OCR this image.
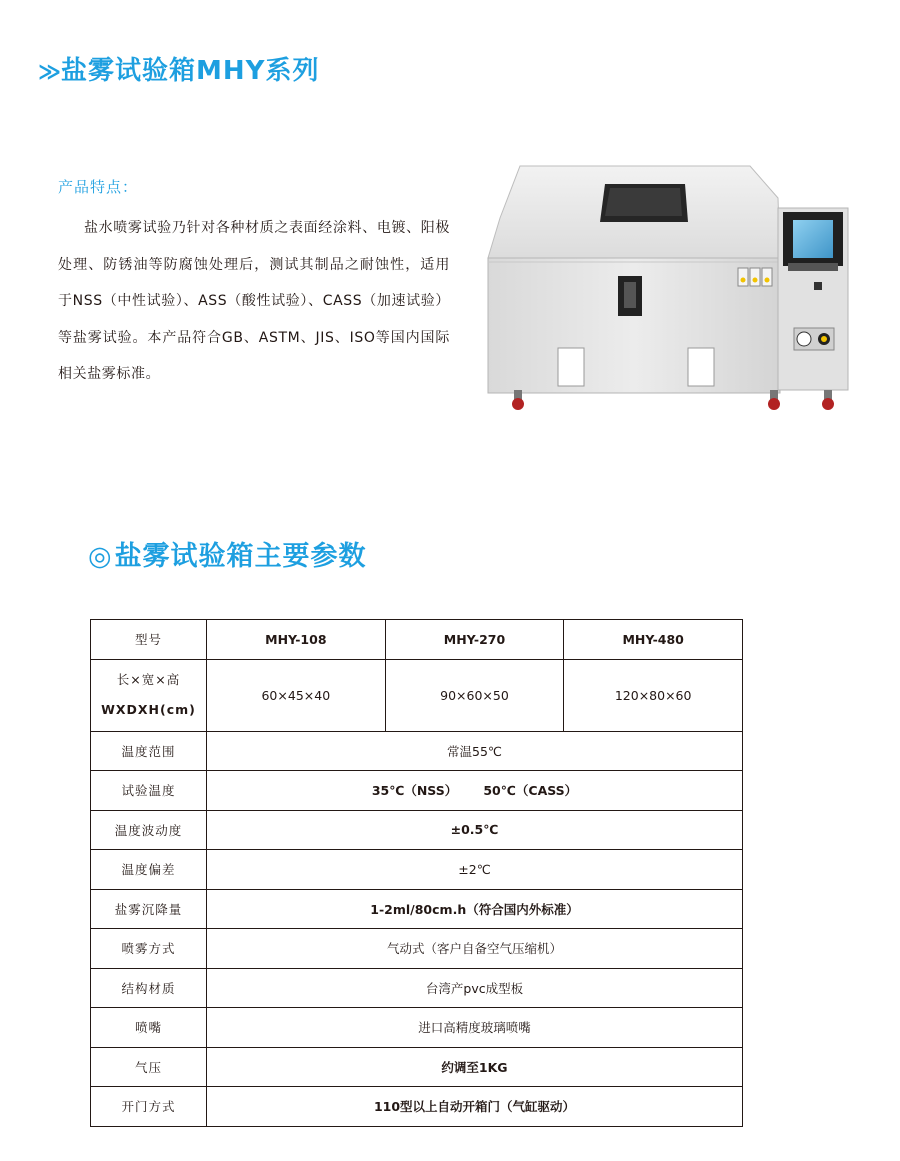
≫ 盐雾试验箱MHY系列
产品特点：
盐水喷雾试验乃针对各种材质之表面经涂料、电镀、阳极处理、防锈油等防腐蚀处理后，测试其制品之耐蚀性，适用于NSS（中性试验）、ASS（酸性试验）、CASS（加速试验）等盐雾试验。本产品符合GB、ASTM、JIS、ISO等国内国际相关盐雾标准。
◎盐雾试验箱主要参数
型号	MHY-108	MHY-270	MHY-480

长×宽×高
WXDXH(cm)	60×45×40	90×60×50	120×80×60
温度范围	常温55℃		
试验温度	35℃（NSS）      50℃（CASS）		
温度波动度	±0.5℃		
温度偏差	±2℃		
盐雾沉降量	1-2ml/80cm.h（符合国内外标准）		
喷雾方式	气动式（客户自备空气压缩机）		
结构材质	台湾产pvc成型板		
喷嘴	进口高精度玻璃喷嘴		
气压	约调至1KG		
开门方式	110型以上自动开箱门（气缸驱动）		
